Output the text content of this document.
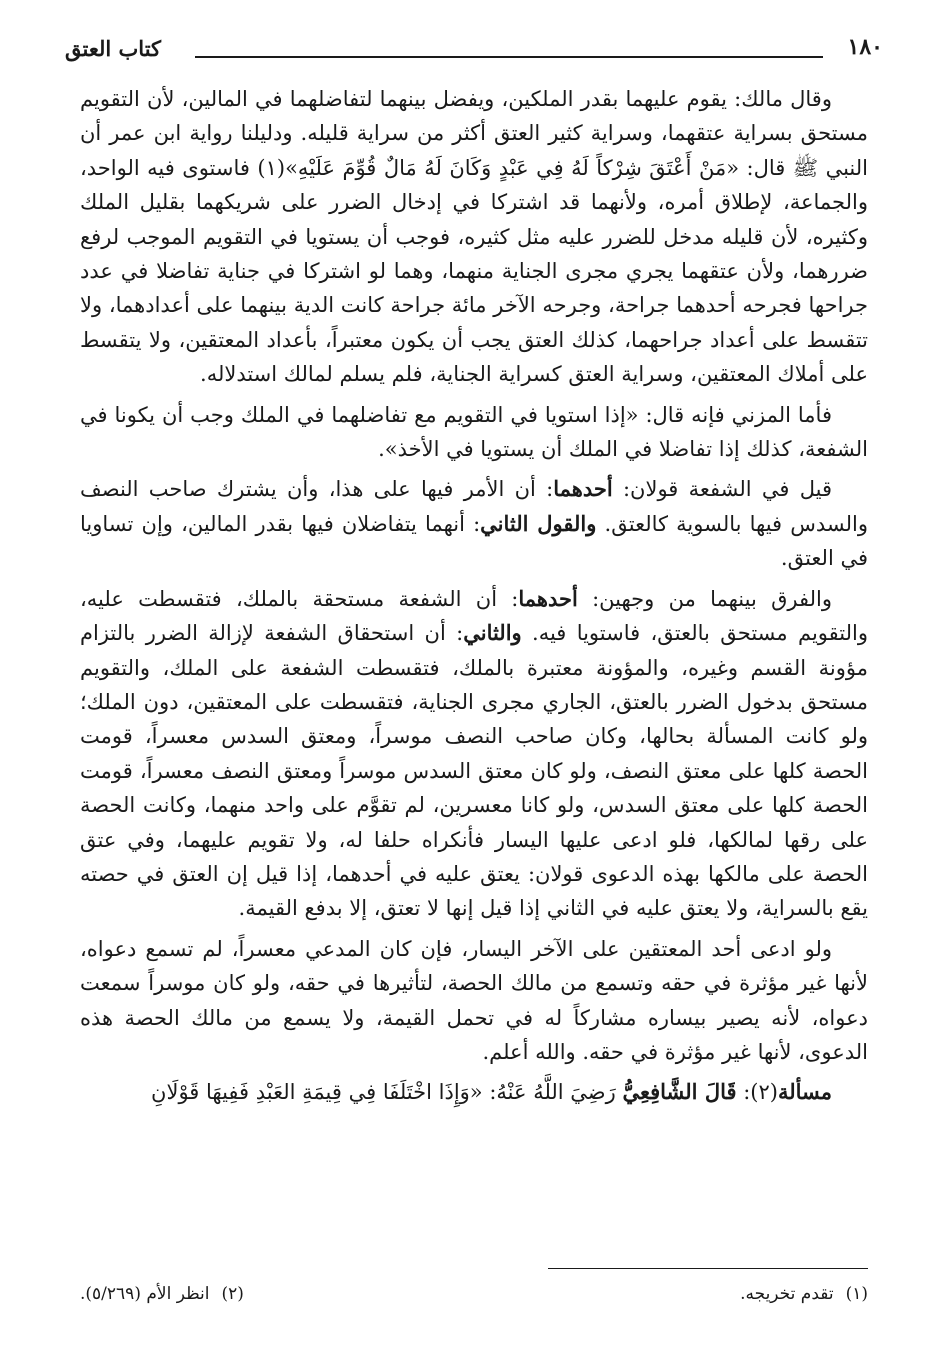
١٨٠
كتاب العتق

وقال مالك: يقوم عليهما بقدر الملكين، ويفضل بينهما لتفاضلهما في المالين، لأن التقويم مستحق بسراية عتقهما، وسراية كثير العتق أكثر من سراية قليله. ودليلنا رواية ابن عمر أن النبي ﷺ قال: «مَنْ أَعْتَقَ شِرْكاً لَهُ فِي عَبْدٍ وَكَانَ لَهُ مَالٌ قُوِّمَ عَلَيْهِ»(١) فاستوى فيه الواحد، والجماعة، لإطلاق أمره، ولأنهما قد اشتركا في إدخال الضرر على شريكهما بقليل الملك وكثيره، لأن قليله مدخل للضرر عليه مثل كثيره، فوجب أن يستويا في التقويم الموجب لرفع ضررهما، ولأن عتقهما يجري مجرى الجناية منهما، وهما لو اشتركا في جناية تفاضلا في عدد جراحها فجرحه أحدهما جراحة، وجرحه الآخر مائة جراحة كانت الدية بينهما على أعدادهما، ولا تتقسط على أعداد جراحهما، كذلك العتق يجب أن يكون معتبراً، بأعداد المعتقين، ولا يتقسط على أملاك المعتقين، وسراية العتق كسراية الجناية، فلم يسلم لمالك استدلاله.

فأما المزني فإنه قال: «إذا استويا في التقويم مع تفاضلهما في الملك وجب أن يكونا في الشفعة، كذلك إذا تفاضلا في الملك أن يستويا في الأخذ».

قيل في الشفعة قولان: أحدهما: أن الأمر فيها على هذا، وأن يشترك صاحب النصف والسدس فيها بالسوية كالعتق. والقول الثاني: أنهما يتفاضلان فيها بقدر المالين، وإن تساويا في العتق.

والفرق بينهما من وجهين: أحدهما: أن الشفعة مستحقة بالملك، فتقسطت عليه، والتقويم مستحق بالعتق، فاستويا فيه. والثاني: أن استحقاق الشفعة لإزالة الضرر بالتزام مؤونة القسم وغيره، والمؤونة معتبرة بالملك، فتقسطت الشفعة على الملك، والتقويم مستحق بدخول الضرر بالعتق، الجاري مجرى الجناية، فتقسطت على المعتقين، دون الملك؛ ولو كانت المسألة بحالها، وكان صاحب النصف موسراً، ومعتق السدس معسراً، قومت الحصة كلها على معتق النصف، ولو كان معتق السدس موسراً ومعتق النصف معسراً، قومت الحصة كلها على معتق السدس، ولو كانا معسرين، لم تقوَّم على واحد منهما، وكانت الحصة على رقها لمالكها، فلو ادعى عليها اليسار فأنكراه حلفا له، ولا تقويم عليهما، وفي عتق الحصة على مالكها بهذه الدعوى قولان: يعتق عليه في أحدهما، إذا قيل إن العتق في حصته يقع بالسراية، ولا يعتق عليه في الثاني إذا قيل إنها لا تعتق، إلا بدفع القيمة.

ولو ادعى أحد المعتقين على الآخر اليسار، فإن كان المدعي معسراً، لم تسمع دعواه، لأنها غير مؤثرة في حقه وتسمع من مالك الحصة، لتأثيرها في حقه، ولو كان موسراً سمعت دعواه، لأنه يصير بيساره مشاركاً له في تحمل القيمة، ولا يسمع من مالك الحصة هذه الدعوى، لأنها غير مؤثرة في حقه. والله أعلم.

مسألة(٢): قَالَ الشَّافِعِيُّ رَضِيَ اللَّهُ عَنْهُ: «وَإِذَا اخْتَلَفَا فِي قِيمَةِ العَبْدِ فَفِيهَا قَوْلَانِ

(١)تقدم تخريجه.
(٢)انظر الأم (٥/٢٦٩).
